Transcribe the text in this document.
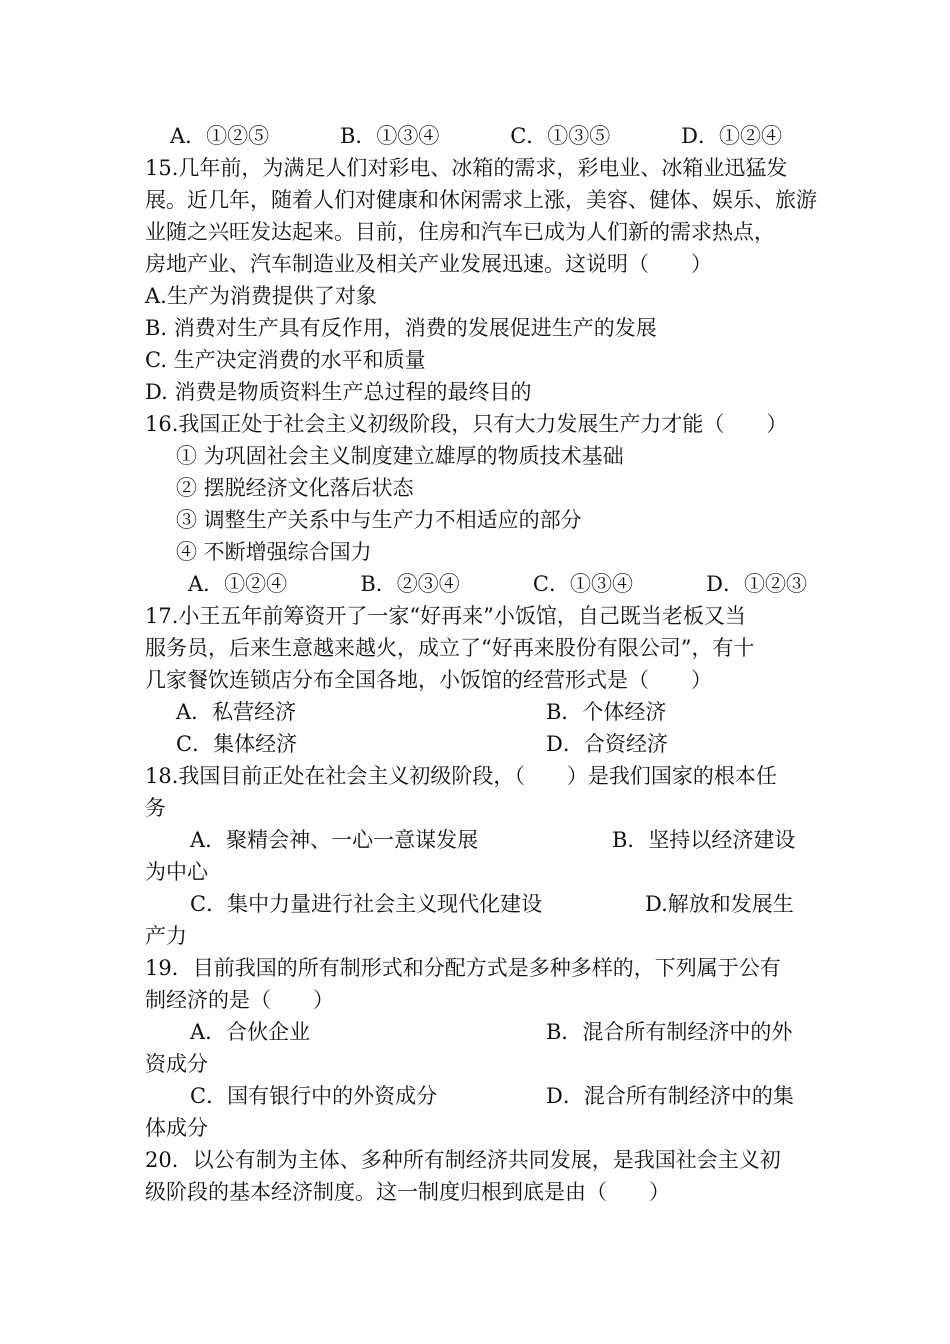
A．①②⑤	B．①③④	C．①③⑤	D．①②④
15.几年前，为满足人们对彩电、冰箱的需求，彩电业、冰箱业迅猛发
展。近几年，随着人们对健康和休闲需求上涨，美容、健体、娱乐、旅游
业随之兴旺发达起来。目前，住房和汽车已成为人们新的需求热点，
房地产业、汽车制造业及相关产业发展迅速。这说明（　　）
A.生产为消费提供了对象
B. 消费对生产具有反作用，消费的发展促进生产的发展
C. 生产决定消费的水平和质量
D. 消费是物质资料生产总过程的最终目的
16.我国正处于社会主义初级阶段，只有大力发展生产力才能（　　）
① 为巩固社会主义制度建立雄厚的物质技术基础
② 摆脱经济文化落后状态
③ 调整生产关系中与生产力不相适应的部分
④ 不断增强综合国力
A．①②④	B．②③④	C．①③④	D．①②③
17.小王五年前筹资开了一家“好再来”小饭馆，自己既当老板又当
服务员，后来生意越来越火，成立了“好再来股份有限公司”，有十
几家餐饮连锁店分布全国各地，小饭馆的经营形式是（　　）
A．私营经济	B．个体经济
C．集体经济	D．合资经济
18.我国目前正处在社会主义初级阶段，（　　）是我们国家的根本任
务
A．聚精会神、一心一意谋发展	B．坚持以经济建设
为中心
C．集中力量进行社会主义现代化建设	D.解放和发展生
产力
19．目前我国的所有制形式和分配方式是多种多样的，下列属于公有
制经济的是（　　）
A．合伙企业	B．混合所有制经济中的外
资成分
C．国有银行中的外资成分	D．混合所有制经济中的集
体成分
20．以公有制为主体、多种所有制经济共同发展，是我国社会主义初
级阶段的基本经济制度。这一制度归根到底是由（　　）
